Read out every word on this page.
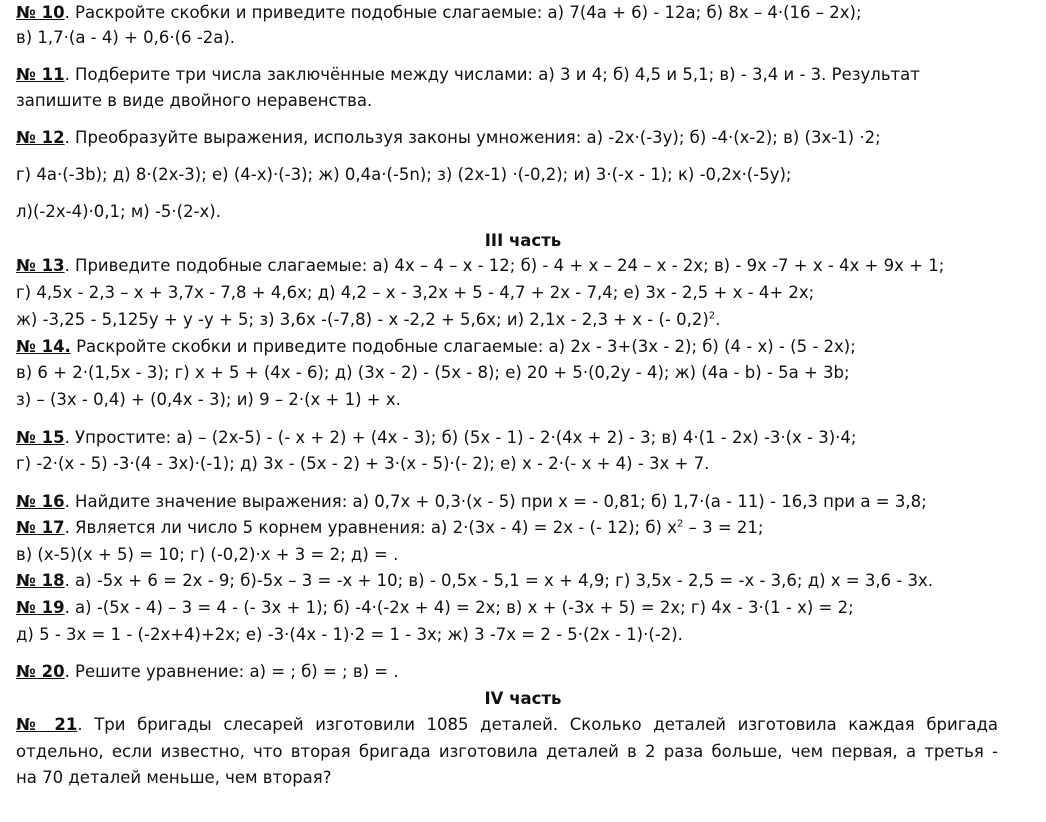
№ 10. Раскройте скобки и приведите подобные слагаемые: а) 7(4а + 6) - 12а; б) 8х – 4·(16 – 2х);
в) 1,7·(а - 4) + 0,6·(6 -2а).
№ 11. Подберите три числа заключённые между числами: а) 3 и 4; б) 4,5 и 5,1; в) - 3,4 и - 3. Результат
запишите в виде двойного неравенства.
№ 12. Преобразуйте выражения, используя законы умножения: а) -2х·(-3у); б) -4·(х-2); в) (3х-1) ·2;
г) 4а·(-3b); д) 8·(2х-3); е) (4-х)·(-3); ж) 0,4а·(-5n); з) (2х-1) ·(-0,2); и) 3·(-х - 1); к) -0,2х·(-5у);
л)(-2х-4)·0,1; м) -5·(2-х).
III часть
№ 13. Приведите подобные слагаемые: а) 4х – 4 – х - 12; б) - 4 + х – 24 – х - 2х; в) - 9х -7 + х - 4х + 9х + 1;
г) 4,5х - 2,3 – х + 3,7х - 7,8 + 4,6х; д) 4,2 – х - 3,2х + 5 - 4,7 + 2х - 7,4; е) 3х - 2,5 + х - 4+ 2х;
ж) -3,25 - 5,125у + у -у + 5; з) 3,6х -(-7,8) - х -2,2 + 5,6х; и) 2,1х - 2,3 + х - (- 0,2)$^2$.
№ 14. Раскройте скобки и приведите подобные слагаемые: а) 2х - 3+(3х - 2); б) (4 - х) - (5 - 2х);
в) 6 + 2·(1,5х - 3); г) х + 5 + (4х - 6); д) (3х - 2) - (5х - 8); е) 20 + 5·(0,2у - 4); ж) (4а - b) - 5а + 3b;
з) – (3х - 0,4) + (0,4х - 3); и) 9 – 2·(х + 1) + х.
№ 15. Упростите: а) – (2х-5) - (- х + 2) + (4х - 3); б) (5х - 1) - 2·(4х + 2) - 3; в) 4·(1 - 2х) -3·(х - 3)·4;
г) -2·(х - 5) -3·(4 - 3х)·(-1); д) 3х - (5х - 2) + 3·(х - 5)·(- 2); е) х - 2·(- х + 4) - 3х + 7.
№ 16. Найдите значение выражения: а) 0,7х + 0,3·(х - 5) при х = - 0,81; б) 1,7·(а - 11) - 16,3 при а = 3,8;
№ 17. Является ли число 5 корнем уравнения: а) 2·(3х - 4) = 2х - (- 12); б) $х^2 - 3 = 21$;
в) (х-5)(х + 5) = 10; г) (-0,2)·х + 3 = 2; д) = .
№ 18. а) -5х + 6 = 2х - 9; б)-5х – 3 = -х + 10; в) - 0,5х - 5,1 = х + 4,9; г) 3,5х - 2,5 = -х - 3,6; д) х = 3,6 - 3х.
№ 19. а) -(5х - 4) – 3 = 4 - (- 3х + 1); б) -4·(-2х + 4) = 2х; в) х + (-3х + 5) = 2х; г) 4х - 3·(1 - х) = 2;
д) 5 - 3х = 1 - (-2х+4)+2х; е) -3·(4х - 1)·2 = 1 - 3х; ж) 3 -7х = 2 - 5·(2х - 1)·(-2).
№ 20. Решите уравнение: а) = ; б) = ; в) = .
IV часть
№ 21. Три бригады слесарей изготовили 1085 деталей. Сколько деталей изготовила каждая бригада
отдельно, если известно, что вторая бригада изготовила деталей в 2 раза больше, чем первая, а третья -
на 70 деталей меньше, чем вторая?
